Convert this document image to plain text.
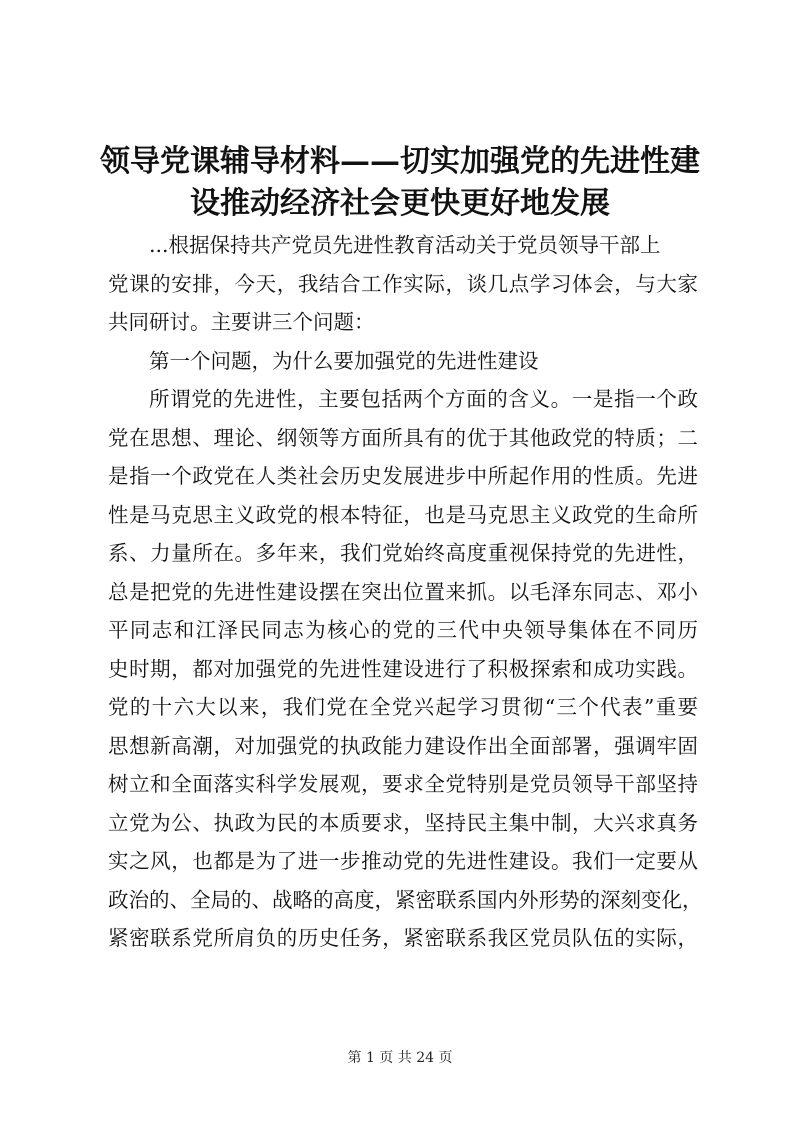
领导党课辅导材料——切实加强党的先进性建
设推动经济社会更快更好地发展
...根据保持共产党员先进性教育活动关于党员领导干部上
党课的安排，今天，我结合工作实际，谈几点学习体会，与大家
共同研讨。主要讲三个问题：
第一个问题，为什么要加强党的先进性建设
所谓党的先进性，主要包括两个方面的含义。一是指一个政
党在思想、理论、纲领等方面所具有的优于其他政党的特质；二
是指一个政党在人类社会历史发展进步中所起作用的性质。先进
性是马克思主义政党的根本特征，也是马克思主义政党的生命所
系、力量所在。多年来，我们党始终高度重视保持党的先进性，
总是把党的先进性建设摆在突出位置来抓。以毛泽东同志、邓小
平同志和江泽民同志为核心的党的三代中央领导集体在不同历
史时期，都对加强党的先进性建设进行了积极探索和成功实践。
党的十六大以来，我们党在全党兴起学习贯彻“三个代表”重要
思想新高潮，对加强党的执政能力建设作出全面部署，强调牢固
树立和全面落实科学发展观，要求全党特别是党员领导干部坚持
立党为公、执政为民的本质要求，坚持民主集中制，大兴求真务
实之风，也都是为了进一步推动党的先进性建设。我们一定要从
政治的、全局的、战略的高度，紧密联系国内外形势的深刻变化，
紧密联系党所肩负的历史任务，紧密联系我区党员队伍的实际，
第 1 页 共 24 页
